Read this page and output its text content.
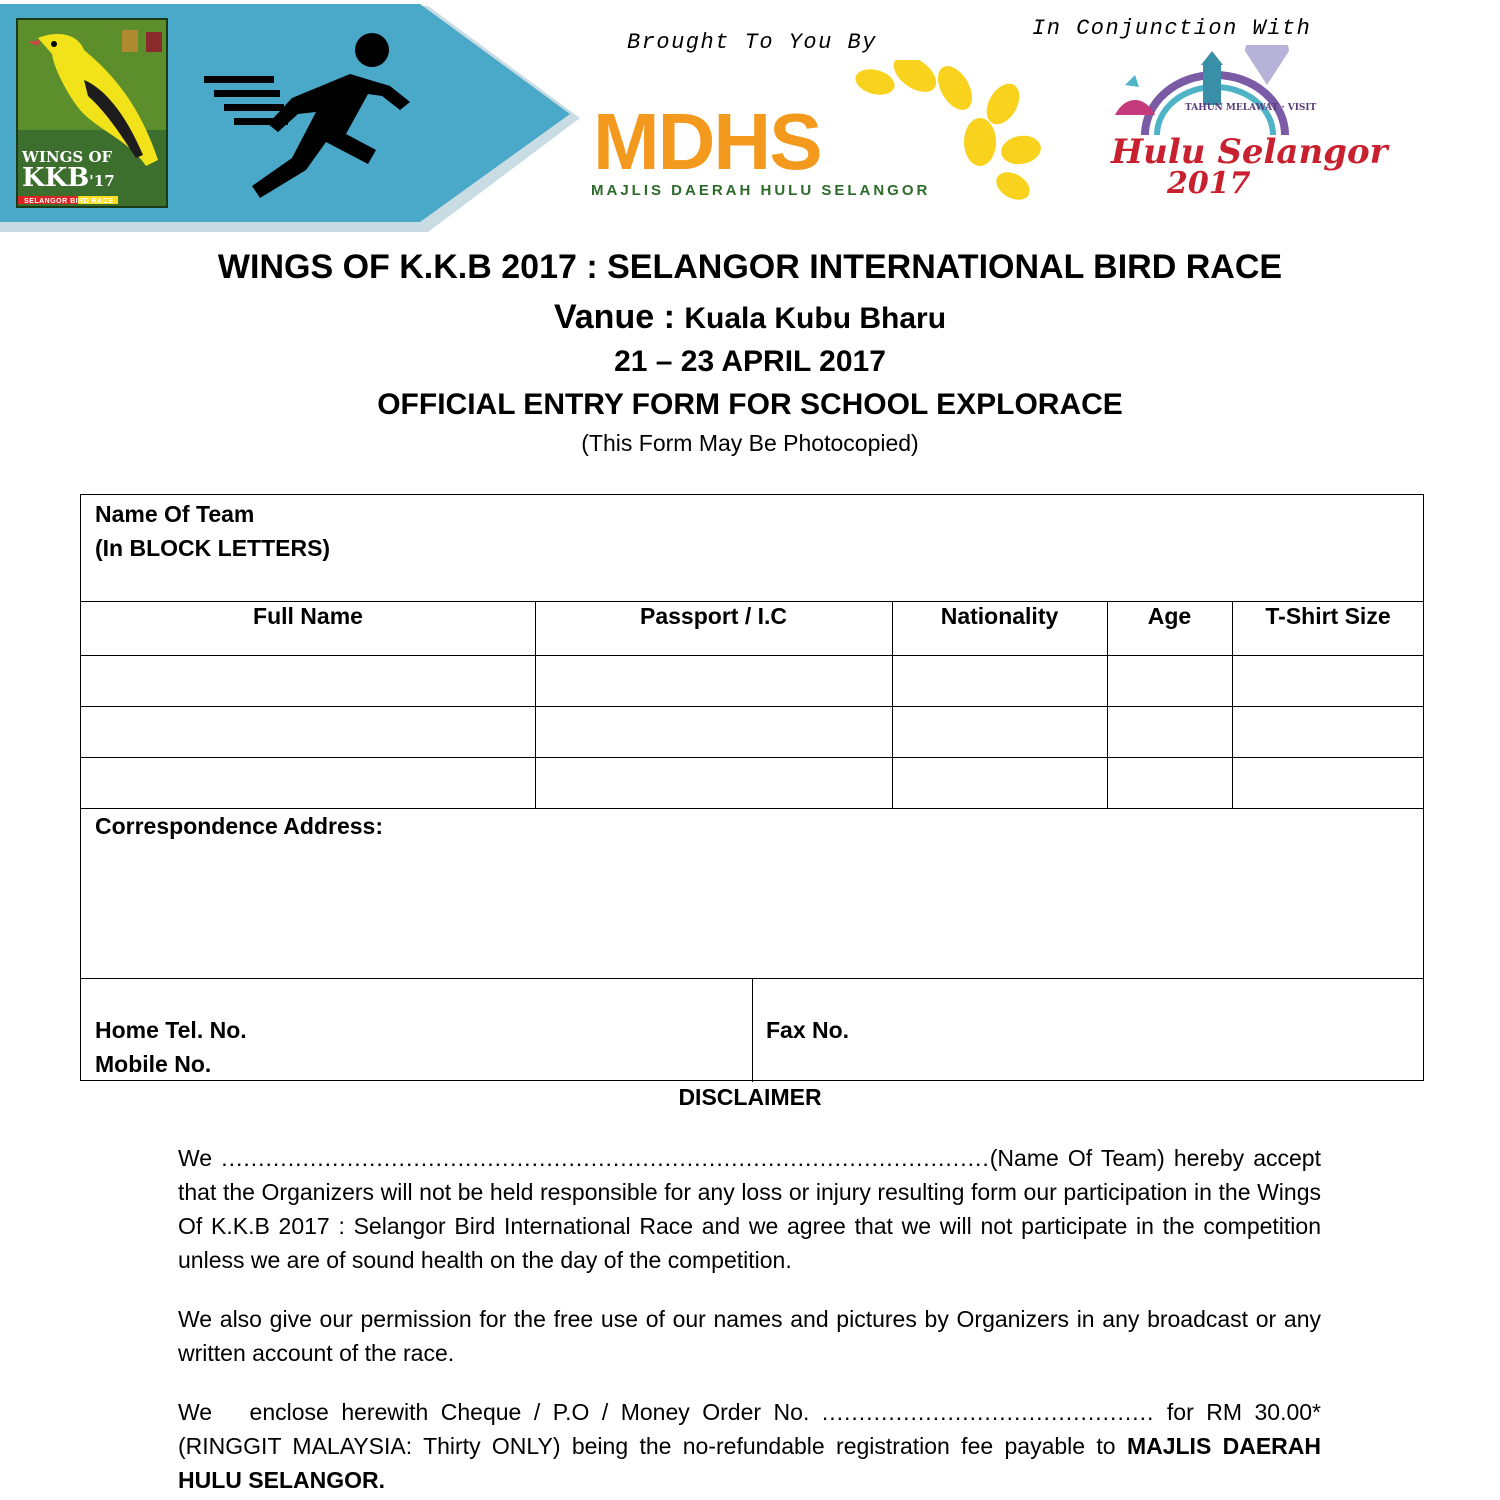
WINGS OF
KKB'17
SELANGOR BIRD RACE
Brought To You By
In Conjunction With
MDHS
MAJLIS DAERAH HULU SELANGOR
TAHUN MELAWAT · VISIT
Hulu Selangor
2017
WINGS OF K.K.B 2017 : SELANGOR INTERNATIONAL BIRD RACE
Vanue : Kuala Kubu Bharu
21 – 23 APRIL 2017
OFFICIAL ENTRY FORM FOR SCHOOL EXPLORACE
(This Form May Be Photocopied)
Name Of Team
(In BLOCK LETTERS)
Full Name	Passport / I.C	Nationality	Age	T-Shirt Size
Correspondence Address:
Home Tel. No.
Mobile No.
Fax No.
DISCLAIMER
We ........................................................................................................(Name Of Team) hereby accept that the Organizers will not be held responsible for any loss or injury resulting form our participation in the Wings Of K.K.B 2017 : Selangor Bird International Race and we agree that we will not participate in the competition unless we are of sound health on the day of the competition.
We also give our permission for the free use of our names and pictures by Organizers in any broadcast or any written account of the race.
We   enclose herewith Cheque / P.O / Money Order No. ............................................. for RM 30.00* (RINGGIT MALAYSIA: Thirty ONLY) being the no-refundable registration fee payable to MAJLIS DAERAH HULU SELANGOR.
